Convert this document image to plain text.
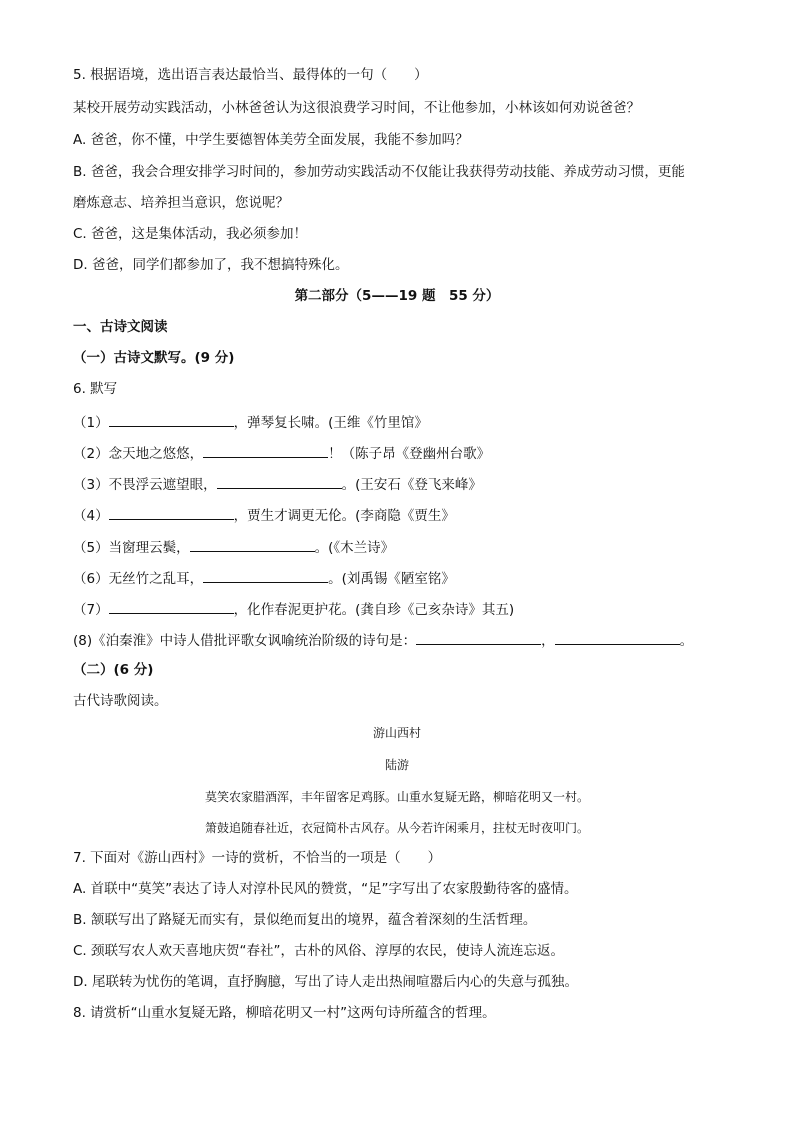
5. 根据语境，选出语言表达最恰当、最得体的一句（　　）
某校开展劳动实践活动，小林爸爸认为这很浪费学习时间，不让他参加，小林该如何劝说爸爸？
A. 爸爸，你不懂，中学生要德智体美劳全面发展，我能不参加吗？
B. 爸爸，我会合理安排学习时间的，参加劳动实践活动不仅能让我获得劳动技能、养成劳动习惯，更能
磨炼意志、培养担当意识，您说呢？
C. 爸爸，这是集体活动，我必须参加！
D. 爸爸，同学们都参加了，我不想搞特殊化。
第二部分（5——19 题　55 分）
一、古诗文阅读
（一）古诗文默写。(9 分)
6. 默写
（1）	，弹琴复长啸。(王维《竹里馆》
（2）念天地之悠悠，	！（陈子昂《登幽州台歌》
（3）不畏浮云遮望眼，	。(王安石《登飞来峰》
（4）	，贾生才调更无伦。(李商隐《贾生》
（5）当窗理云鬓，	。(《木兰诗》
（6）无丝竹之乱耳，	。(刘禹锡《陋室铭》
（7）	，化作春泥更护花。(龚自珍《己亥杂诗》其五)
(8)《泊秦淮》中诗人借批评歌女讽喻统治阶级的诗句是：	，	。
（二）(6 分)
古代诗歌阅读。
游山西村
陆游
莫笑农家腊酒浑，丰年留客足鸡豚。山重水复疑无路，柳暗花明又一村。
箫鼓追随春社近，衣冠简朴古风存。从今若许闲乘月，拄杖无时夜叩门。
7. 下面对《游山西村》一诗的赏析，不恰当的一项是（　　）
A. 首联中“莫笑”表达了诗人对淳朴民风的赞赏，“足”字写出了农家殷勤待客的盛情。
B. 颔联写出了路疑无而实有，景似绝而复出的境界，蕴含着深刻的生活哲理。
C. 颈联写农人欢天喜地庆贺“春社”，古朴的风俗、淳厚的农民，使诗人流连忘返。
D. 尾联转为忧伤的笔调，直抒胸臆，写出了诗人走出热闹喧嚣后内心的失意与孤独。
8. 请赏析“山重水复疑无路，柳暗花明又一村”这两句诗所蕴含的哲理。
